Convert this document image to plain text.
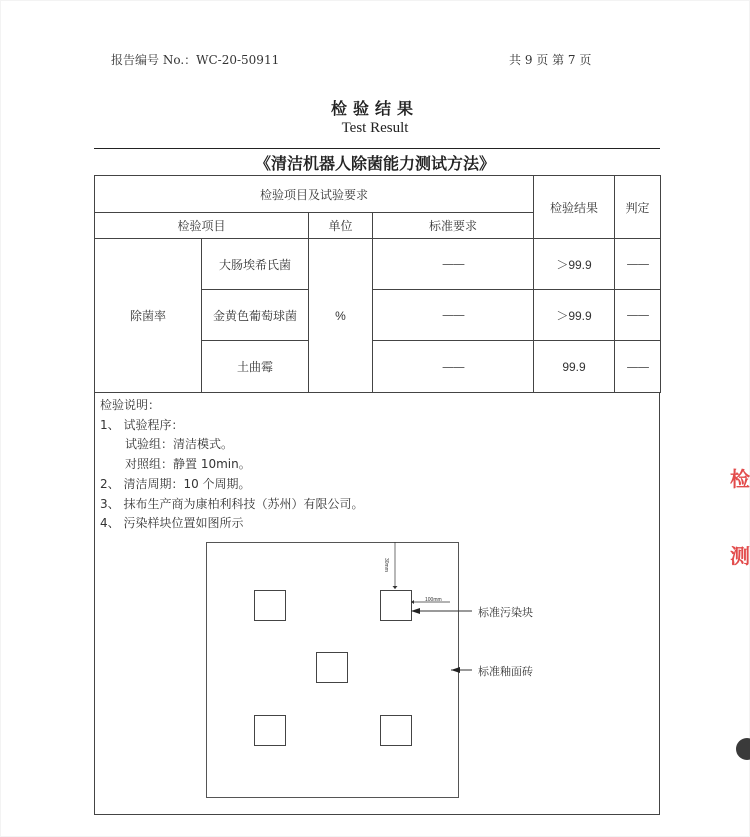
报告编号 No.：WC-20-50911	共 9 页 第 7 页
检验结果
Test Result
《清洁机器人除菌能力测试方法》
检验项目及试验要求				检验结果	判定
检验项目		单位	标准要求		
除菌率	大肠埃希氏菌	%	——	＞99.9	——
	金黄色葡萄球菌		——	＞99.9	——
	土曲霉		——	99.9	——
检验说明：
1、 试验程序：
试验组：清洁模式。
对照组：静置 10min。
2、 清洁周期：10 个周期。
3、 抹布生产商为康柏利科技（苏州）有限公司。
4、 污染样块位置如图所示
30mm
100mm
标准污染块
标准釉面砖
检
测
